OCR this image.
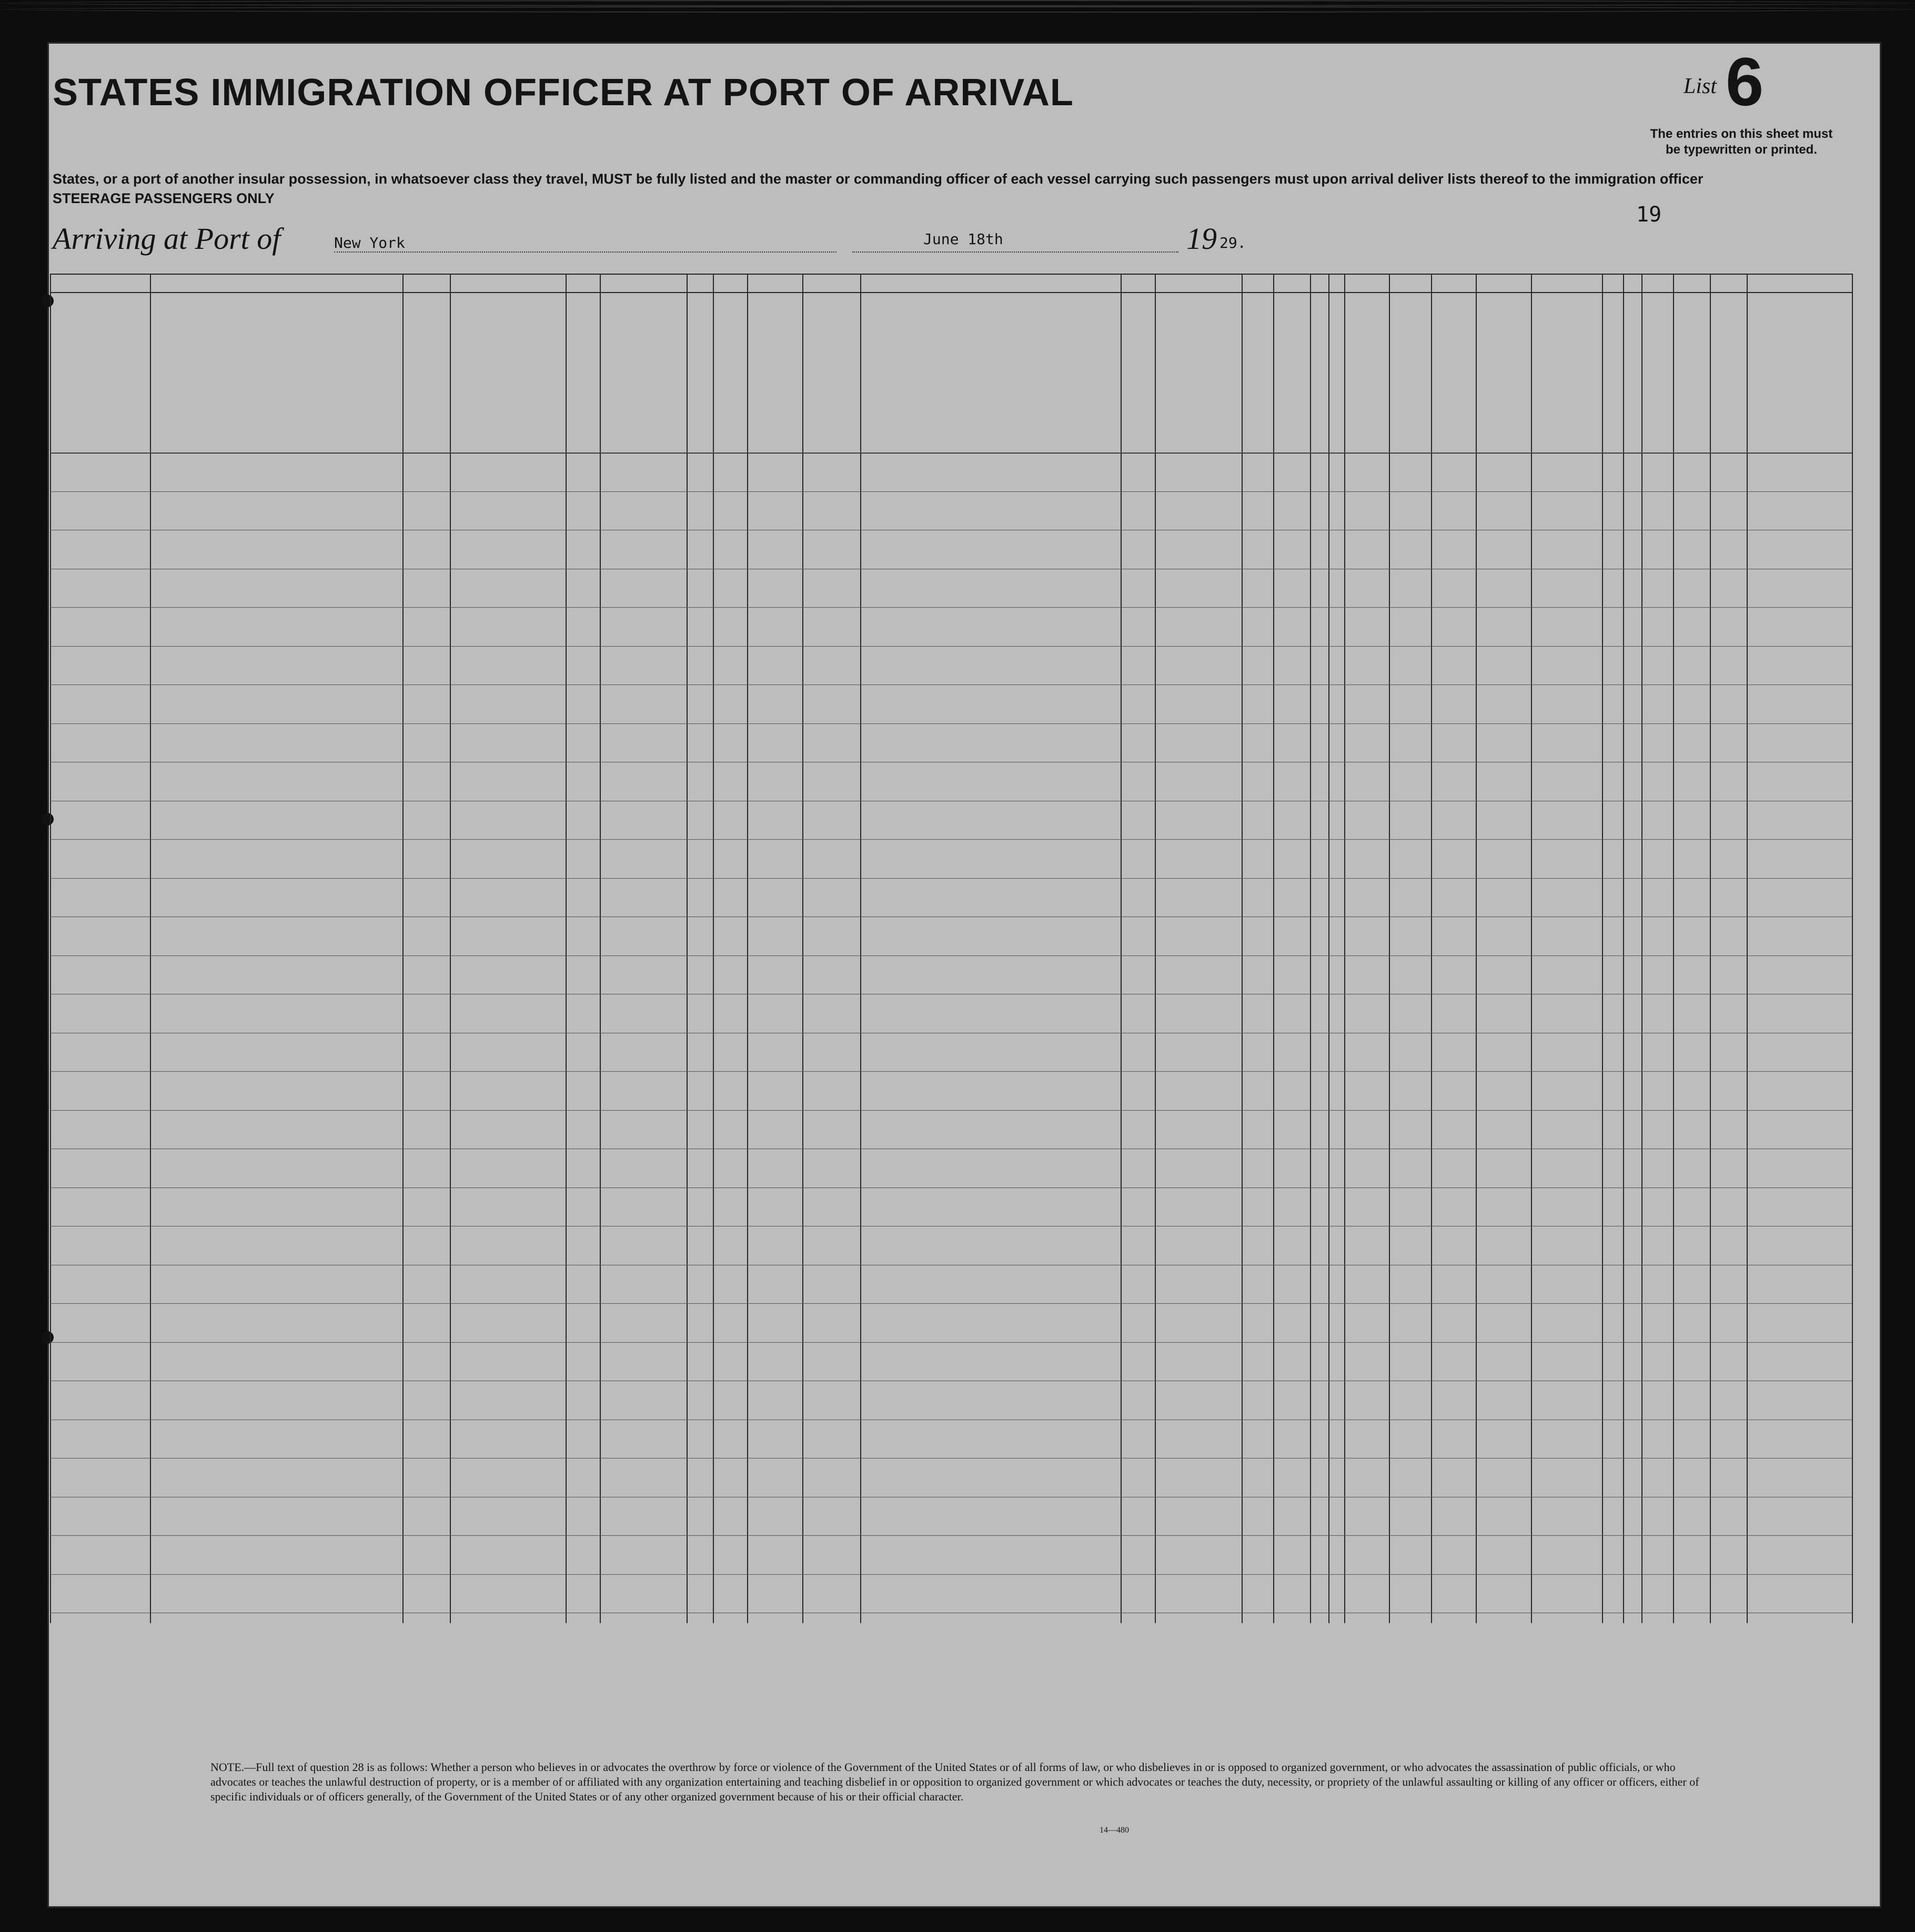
STATES IMMIGRATION OFFICER AT PORT OF ARRIVAL
States, or a port of another insular possession, in whatsoever class they travel, MUST be fully listed and the master or commanding officer of each vessel carrying such passengers must upon arrival deliver lists thereof to the immigration officer
STEERAGE PASSENGERS ONLY
List 6
The entries on this sheet must be typewritten or printed.
19
Arriving at Port of	New York	June 18th	19 29.
NOTE.—Full text of question 28 is as follows: Whether a person who believes in or advocates the overthrow by force or violence of the Government of the United States or of all forms of law, or who disbelieves in or is opposed to organized government, or who advocates the assassination of public officials, or who advocates or teaches the unlawful destruction of property, or is a member of or affiliated with any organization entertaining and teaching disbelief in or opposition to organized government or which advocates or teaches the duty, necessity, or propriety of the unlawful assaulting or killing of any officer or officers, either of specific individuals or of officers generally, of the Government of the United States or of any other organized government because of his or their official character.
14—480
